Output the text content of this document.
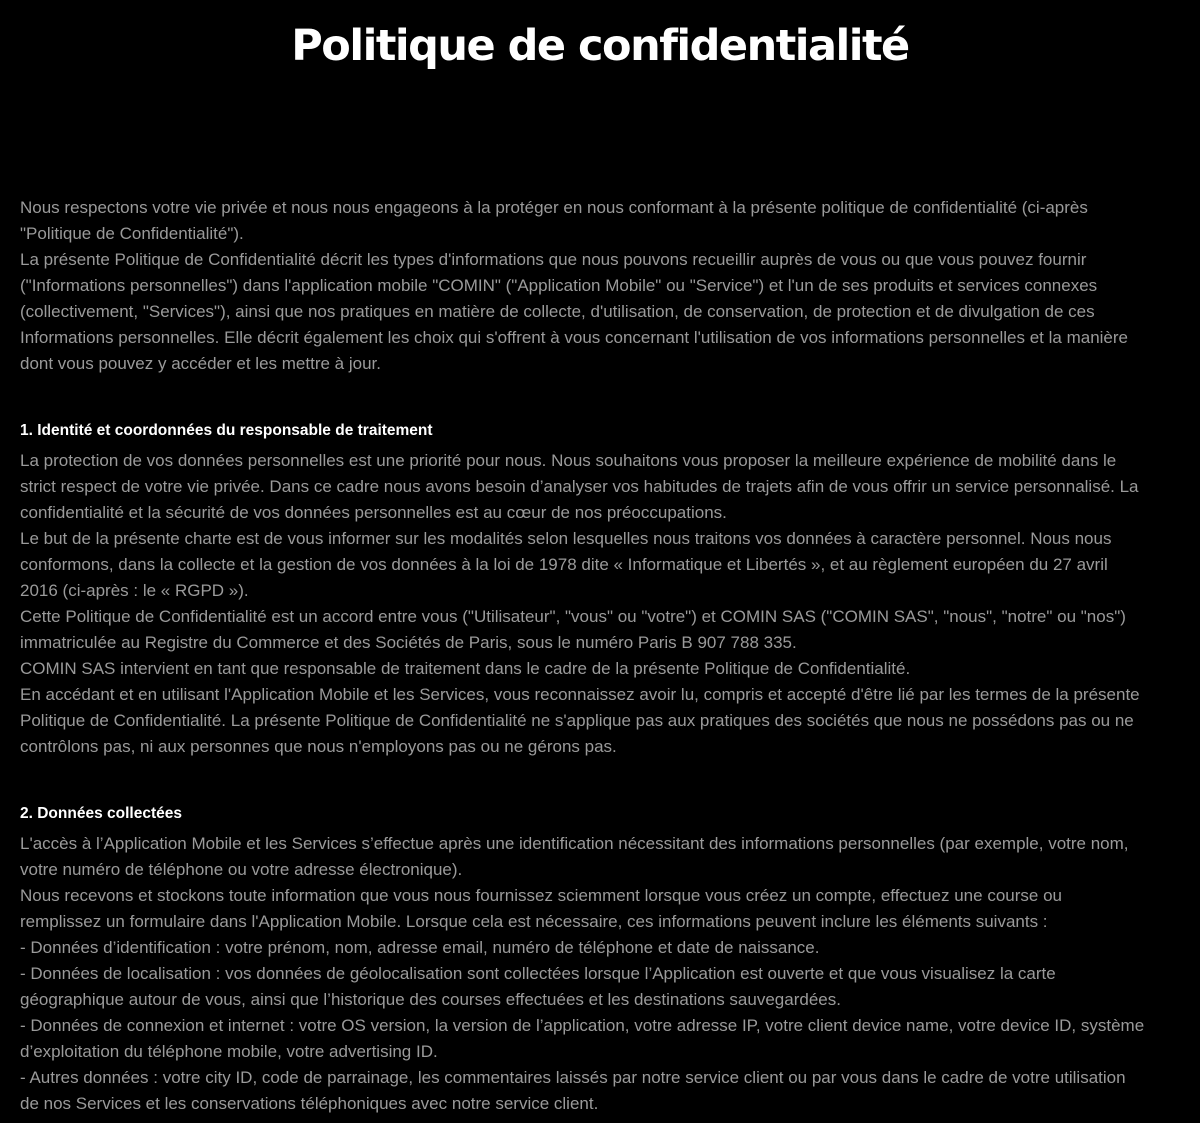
Politique de confidentialité

Nous respectons votre vie privée et nous nous engageons à la protéger en nous conformant à la présente politique de confidentialité (ci-après

"Politique de Confidentialité").

La présente Politique de Confidentialité décrit les types d'informations que nous pouvons recueillir auprès de vous ou que vous pouvez fournir

("Informations personnelles") dans l'application mobile "COMIN" ("Application Mobile" ou "Service") et l'un de ses produits et services connexes

(collectivement, "Services"), ainsi que nos pratiques en matière de collecte, d'utilisation, de conservation, de protection et de divulgation de ces

Informations personnelles. Elle décrit également les choix qui s'offrent à vous concernant l'utilisation de vos informations personnelles et la manière

dont vous pouvez y accéder et les mettre à jour.

1. Identité et coordonnées du responsable de traitement

La protection de vos données personnelles est une priorité pour nous. Nous souhaitons vous proposer la meilleure expérience de mobilité dans le

strict respect de votre vie privée. Dans ce cadre nous avons besoin d’analyser vos habitudes de trajets afin de vous offrir un service personnalisé. La

confidentialité et la sécurité de vos données personnelles est au cœur de nos préoccupations.

Le but de la présente charte est de vous informer sur les modalités selon lesquelles nous traitons vos données à caractère personnel. Nous nous

conformons, dans la collecte et la gestion de vos données à la loi de 1978 dite « Informatique et Libertés », et au règlement européen du 27 avril

2016 (ci-après : le « RGPD »).

Cette Politique de Confidentialité est un accord entre vous ("Utilisateur", "vous" ou "votre") et COMIN SAS ("COMIN SAS", "nous", "notre" ou "nos")

immatriculée au Registre du Commerce et des Sociétés de Paris, sous le numéro Paris B 907 788 335.

COMIN SAS intervient en tant que responsable de traitement dans le cadre de la présente Politique de Confidentialité.

En accédant et en utilisant l'Application Mobile et les Services, vous reconnaissez avoir lu, compris et accepté d'être lié par les termes de la présente

Politique de Confidentialité. La présente Politique de Confidentialité ne s'applique pas aux pratiques des sociétés que nous ne possédons pas ou ne

contrôlons pas, ni aux personnes que nous n'employons pas ou ne gérons pas.

2. Données collectées

L'accès à l’Application Mobile et les Services s’effectue après une identification nécessitant des informations personnelles (par exemple, votre nom,

votre numéro de téléphone ou votre adresse électronique).

Nous recevons et stockons toute information que vous nous fournissez sciemment lorsque vous créez un compte, effectuez une course ou

remplissez un formulaire dans l'Application Mobile. Lorsque cela est nécessaire, ces informations peuvent inclure les éléments suivants :

- Données d’identification : votre prénom, nom, adresse email, numéro de téléphone et date de naissance.

- Données de localisation : vos données de géolocalisation sont collectées lorsque l’Application est ouverte et que vous visualisez la carte

géographique autour de vous, ainsi que l’historique des courses effectuées et les destinations sauvegardées.

- Données de connexion et internet : votre OS version, la version de l’application, votre adresse IP, votre client device name, votre device ID, système

d’exploitation du téléphone mobile, votre advertising ID.

- Autres données : votre city ID, code de parrainage, les commentaires laissés par notre service client ou par vous dans le cadre de votre utilisation

de nos Services et les conservations téléphoniques avec notre service client.
